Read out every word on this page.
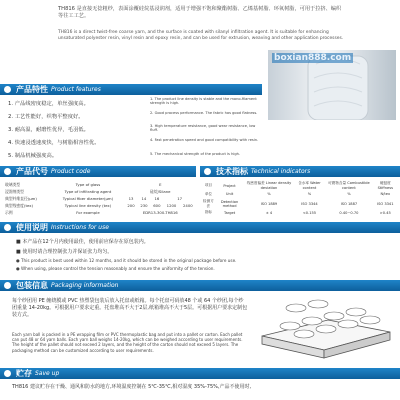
TH816 是直接无捻粗纱，表面涂覆硅烷基浸润剂，适用于增强不饱和聚酯树脂、乙烯基树脂、环氧树脂，可用于拉挤、编织等往工工艺。
TH816 is a direct twist-free coarse yarn, and the surface is coated with silanyl infiltration agent. It is suitable for enhancing unsaturated polyester resin, vinyl resin and epoxy resin, and can be used for extrusion, weaving and other application processes.
产品特性 Product features
1. 产品线密度稳定，单丝强度高。
2. 工艺性能好，织物平整度好。
3. 耐高温，耐磨性优异，毛羽低。
4. 快速浸透速度快，与树脂相容性优。
5. 制品机械强度高。
1. The product line density is stable and the mono-filament strength is high.
2. Good process performance. The fabric has good flatness.
3. High temperature resistance, good wear resistance, low fluff.
4. Fast penetration speed and good compatibility with resin.
5. The mechanical strength of the product is high.
boxian888.com
产品代号 Product code
玻璃类型	Type of glass	E				
浸润剂类型	Type of infiltrating agent	硅烷/Silane				
典型纤维直径(μm)	Typical fiber diameter(μm)	13	14	16	17	
典型线密度(tex)	Typical line density (tex)	200	230	600	1200	2400
示例	For example	EDR13-300-TH816				
技术指标 Technical indicators
项目	Project	线密度偏差 Linear density deviation	含水率 Water content	可燃物含量 Combustible content	硬挺度 Stiffness
单位	Unit	%	%	%	N/tex
检测方法	Detection method	ISO 1889	ISO 3344	ISO 1887	ISO 3341
指标	Target	± 4	<0.155	0.40~0.70	>0.45
使用说明 Instructions for use
■ 本产品在12个月内使用最佳，使用前应保存在原包装内。
■ 使用时请合理控制张力并保证张力均匀。
● This product is best used within 12 months, and it should be stored in the original package before use.
● When using, please control the tension reasonably and ensure the uniformity of the tension.
包装信息 Packaging information
每个纱团用 PE 缠绕膜或 PVC 热塑袋包装后放入托盘或纸箱。每个托盘可码放48 个或 64 个纱团,每个纱团重量 14-20kg。可根据用户要求定重。托盘堆高不大于2层,纸箱堆高不大于5层。可根据用户要求定制包装方式。
Each yarn ball is packed in a PE wrapping film or PVC thermoplastic bag and put into a pallet or carton. Each pallet can put 48 or 64 yarn balls. Each yarn ball weighs 14-20kg, which can be weighed according to user requirements. The height of the pallet should not exceed 2 layers, and the height of the carton should not exceed 5 layers. The packaging method can be customized according to user requirements.
贮存 Save up
TH816 建议贮存在干燥、通风和防水的地方,环境温度控制在 5℃-35℃,相对湿度 35%-75%,产品不使用时,
